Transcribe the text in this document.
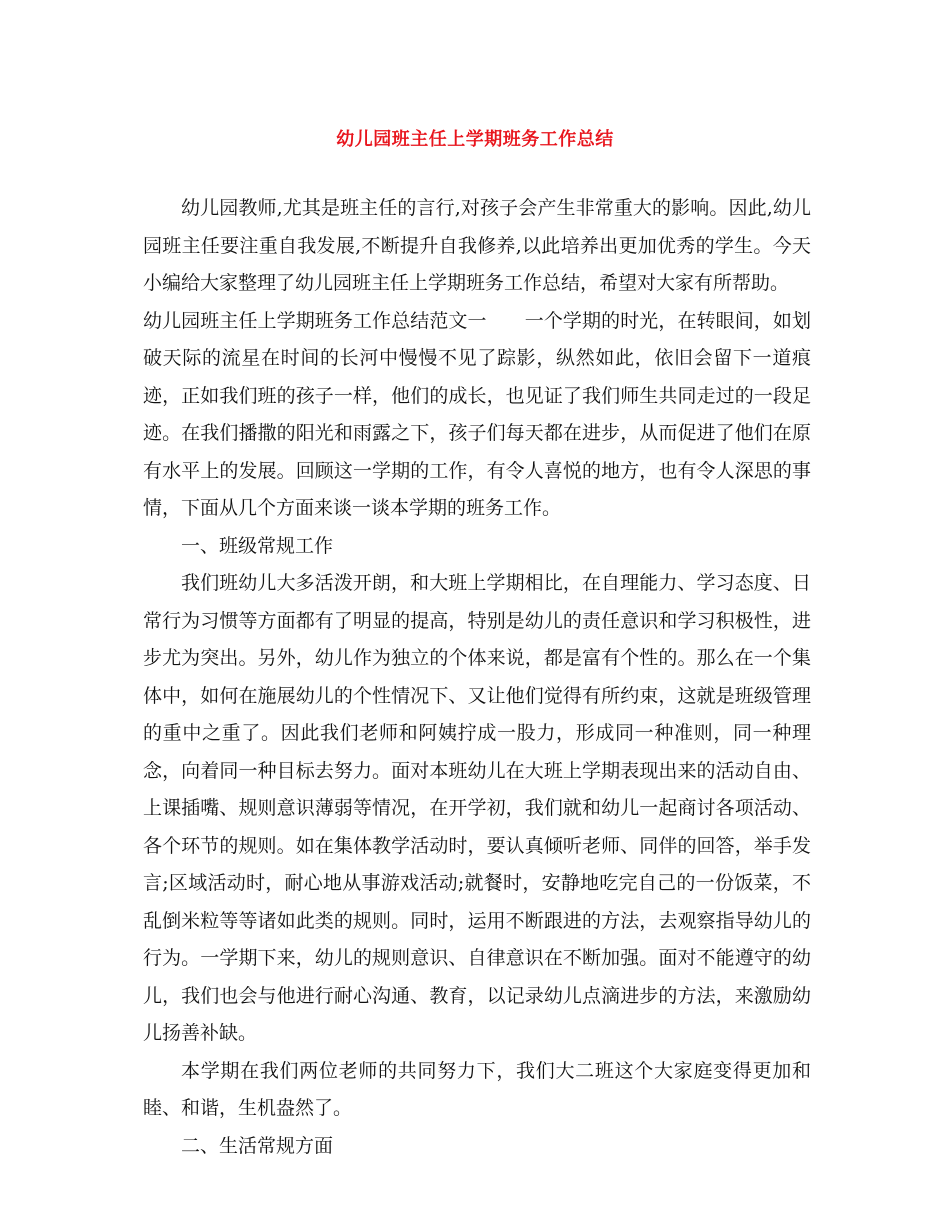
幼儿园班主任上学期班务工作总结

幼儿园教师,尤其是班主任的言行,对孩子会产生非常重大的影响。因此,幼儿园班主任要注重自我发展,不断提升自我修养,以此培养出更加优秀的学生。今天小编给大家整理了幼儿园班主任上学期班务工作总结，希望对大家有所帮助。

幼儿园班主任上学期班务工作总结范文一　　一个学期的时光，在转眼间，如划破天际的流星在时间的长河中慢慢不见了踪影，纵然如此，依旧会留下一道痕迹，正如我们班的孩子一样，他们的成长，也见证了我们师生共同走过的一段足迹。在我们播撒的阳光和雨露之下，孩子们每天都在进步，从而促进了他们在原有水平上的发展。回顾这一学期的工作，有令人喜悦的地方，也有令人深思的事情，下面从几个方面来谈一谈本学期的班务工作。

一、班级常规工作

我们班幼儿大多活泼开朗，和大班上学期相比，在自理能力、学习态度、日常行为习惯等方面都有了明显的提高，特别是幼儿的责任意识和学习积极性，进步尤为突出。另外，幼儿作为独立的个体来说，都是富有个性的。那么在一个集体中，如何在施展幼儿的个性情况下、又让他们觉得有所约束，这就是班级管理的重中之重了。因此我们老师和阿姨拧成一股力，形成同一种准则，同一种理念，向着同一种目标去努力。面对本班幼儿在大班上学期表现出来的活动自由、上课插嘴、规则意识薄弱等情况，在开学初，我们就和幼儿一起商讨各项活动、各个环节的规则。如在集体教学活动时，要认真倾听老师、同伴的回答，举手发言;区域活动时，耐心地从事游戏活动;就餐时，安静地吃完自己的一份饭菜，不乱倒米粒等等诸如此类的规则。同时，运用不断跟进的方法，去观察指导幼儿的行为。一学期下来，幼儿的规则意识、自律意识在不断加强。面对不能遵守的幼儿，我们也会与他进行耐心沟通、教育，以记录幼儿点滴进步的方法，来激励幼儿扬善补缺。

本学期在我们两位老师的共同努力下，我们大二班这个大家庭变得更加和睦、和谐，生机盎然了。

二、生活常规方面
